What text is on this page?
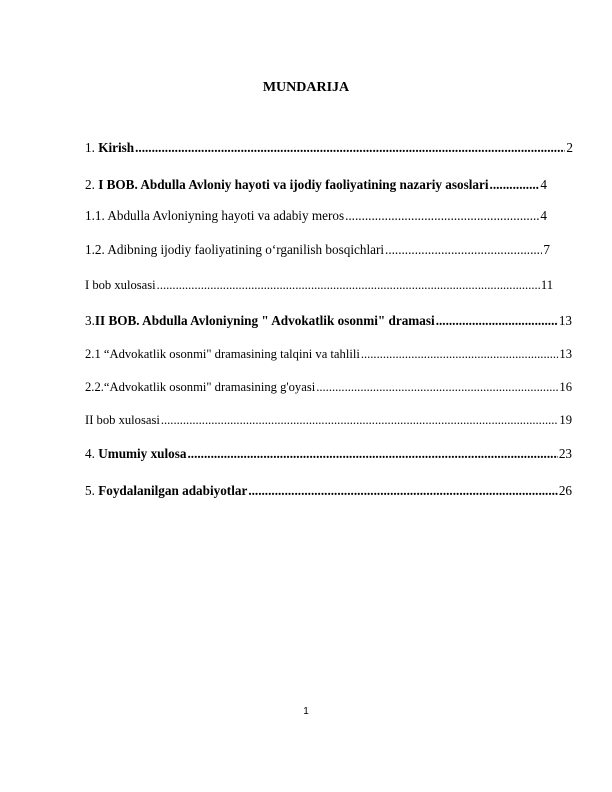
MUNDARIJA
1. Kirish .....	2
2. I BOB. Abdulla Avloniy hayoti va ijodiy faoliyatining nazariy asoslari .....	4
1.1. Abdulla Avloniyning hayoti va adabiy meros .....	4
1.2. Adibning ijodiy faoliyatining o‘rganilish bosqichlari .....	7
I bob xulosasi .....	11
3.II BOB. Abdulla Avloniyning " Advokatlik osonmi" dramasi .....	13
2.1 “Advokatlik osonmi" dramasining talqini va tahlili .....	13
2.2.“Advokatlik osonmi" dramasining g'oyasi .....	16
II bob xulosasi .....	19
4. Umumiy xulosa .....	23
5. Foydalanilgan adabiyotlar .....	26
1
